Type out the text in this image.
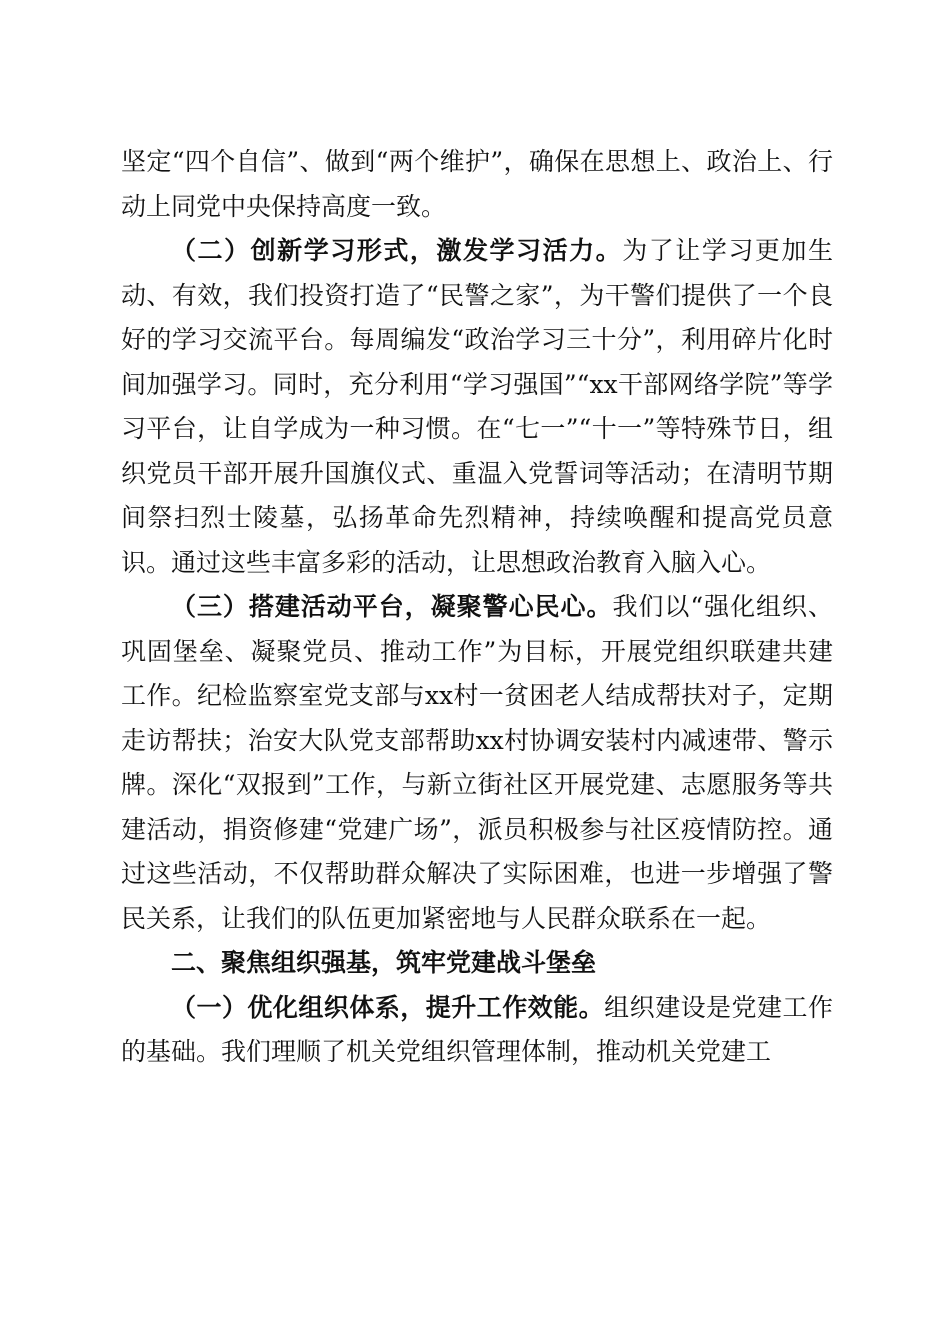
坚定“四个自信”、做到“两个维护”，确保在思想上、政治上、行动上同党中央保持高度一致。

（二）创新学习形式，激发学习活力。为了让学习更加生动、有效，我们投资打造了“民警之家”，为干警们提供了一个良好的学习交流平台。每周编发“政治学习三十分”，利用碎片化时间加强学习。同时，充分利用“学习强国”“xx干部网络学院”等学习平台，让自学成为一种习惯。在“七一”“十一”等特殊节日，组织党员干部开展升国旗仪式、重温入党誓词等活动；在清明节期间祭扫烈士陵墓，弘扬革命先烈精神，持续唤醒和提高党员意识。通过这些丰富多彩的活动，让思想政治教育入脑入心。

（三）搭建活动平台，凝聚警心民心。我们以“强化组织、巩固堡垒、凝聚党员、推动工作”为目标，开展党组织联建共建工作。纪检监察室党支部与xx村一贫困老人结成帮扶对子，定期走访帮扶；治安大队党支部帮助xx村协调安装村内减速带、警示牌。深化“双报到”工作，与新立街社区开展党建、志愿服务等共建活动，捐资修建“党建广场”，派员积极参与社区疫情防控。通过这些活动，不仅帮助群众解决了实际困难，也进一步增强了警民关系，让我们的队伍更加紧密地与人民群众联系在一起。

二、聚焦组织强基，筑牢党建战斗堡垒

（一）优化组织体系，提升工作效能。组织建设是党建工作的基础。我们理顺了机关党组织管理体制，推动机关党建工
